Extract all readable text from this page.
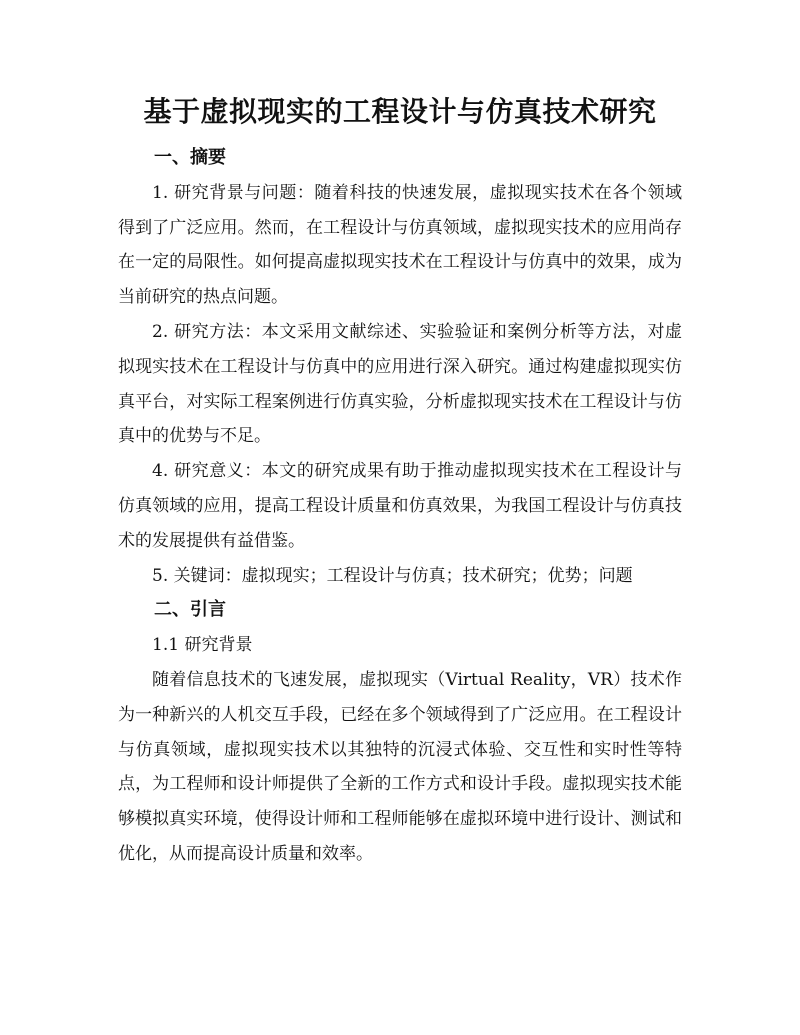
基于虚拟现实的工程设计与仿真技术研究

一、摘要

1. 研究背景与问题：随着科技的快速发展，虚拟现实技术在各个领域得到了广泛应用。然而，在工程设计与仿真领域，虚拟现实技术的应用尚存在一定的局限性。如何提高虚拟现实技术在工程设计与仿真中的效果，成为当前研究的热点问题。

2. 研究方法：本文采用文献综述、实验验证和案例分析等方法，对虚拟现实技术在工程设计与仿真中的应用进行深入研究。通过构建虚拟现实仿真平台，对实际工程案例进行仿真实验，分析虚拟现实技术在工程设计与仿真中的优势与不足。

4. 研究意义：本文的研究成果有助于推动虚拟现实技术在工程设计与仿真领域的应用，提高工程设计质量和仿真效果，为我国工程设计与仿真技术的发展提供有益借鉴。

5. 关键词：虚拟现实；工程设计与仿真；技术研究；优势；问题

二、引言

1.1 研究背景

随着信息技术的飞速发展，虚拟现实（Virtual Reality，VR）技术作为一种新兴的人机交互手段，已经在多个领域得到了广泛应用。在工程设计与仿真领域，虚拟现实技术以其独特的沉浸式体验、交互性和实时性等特点，为工程师和设计师提供了全新的工作方式和设计手段。虚拟现实技术能够模拟真实环境，使得设计师和工程师能够在虚拟环境中进行设计、测试和优化，从而提高设计质量和效率。
